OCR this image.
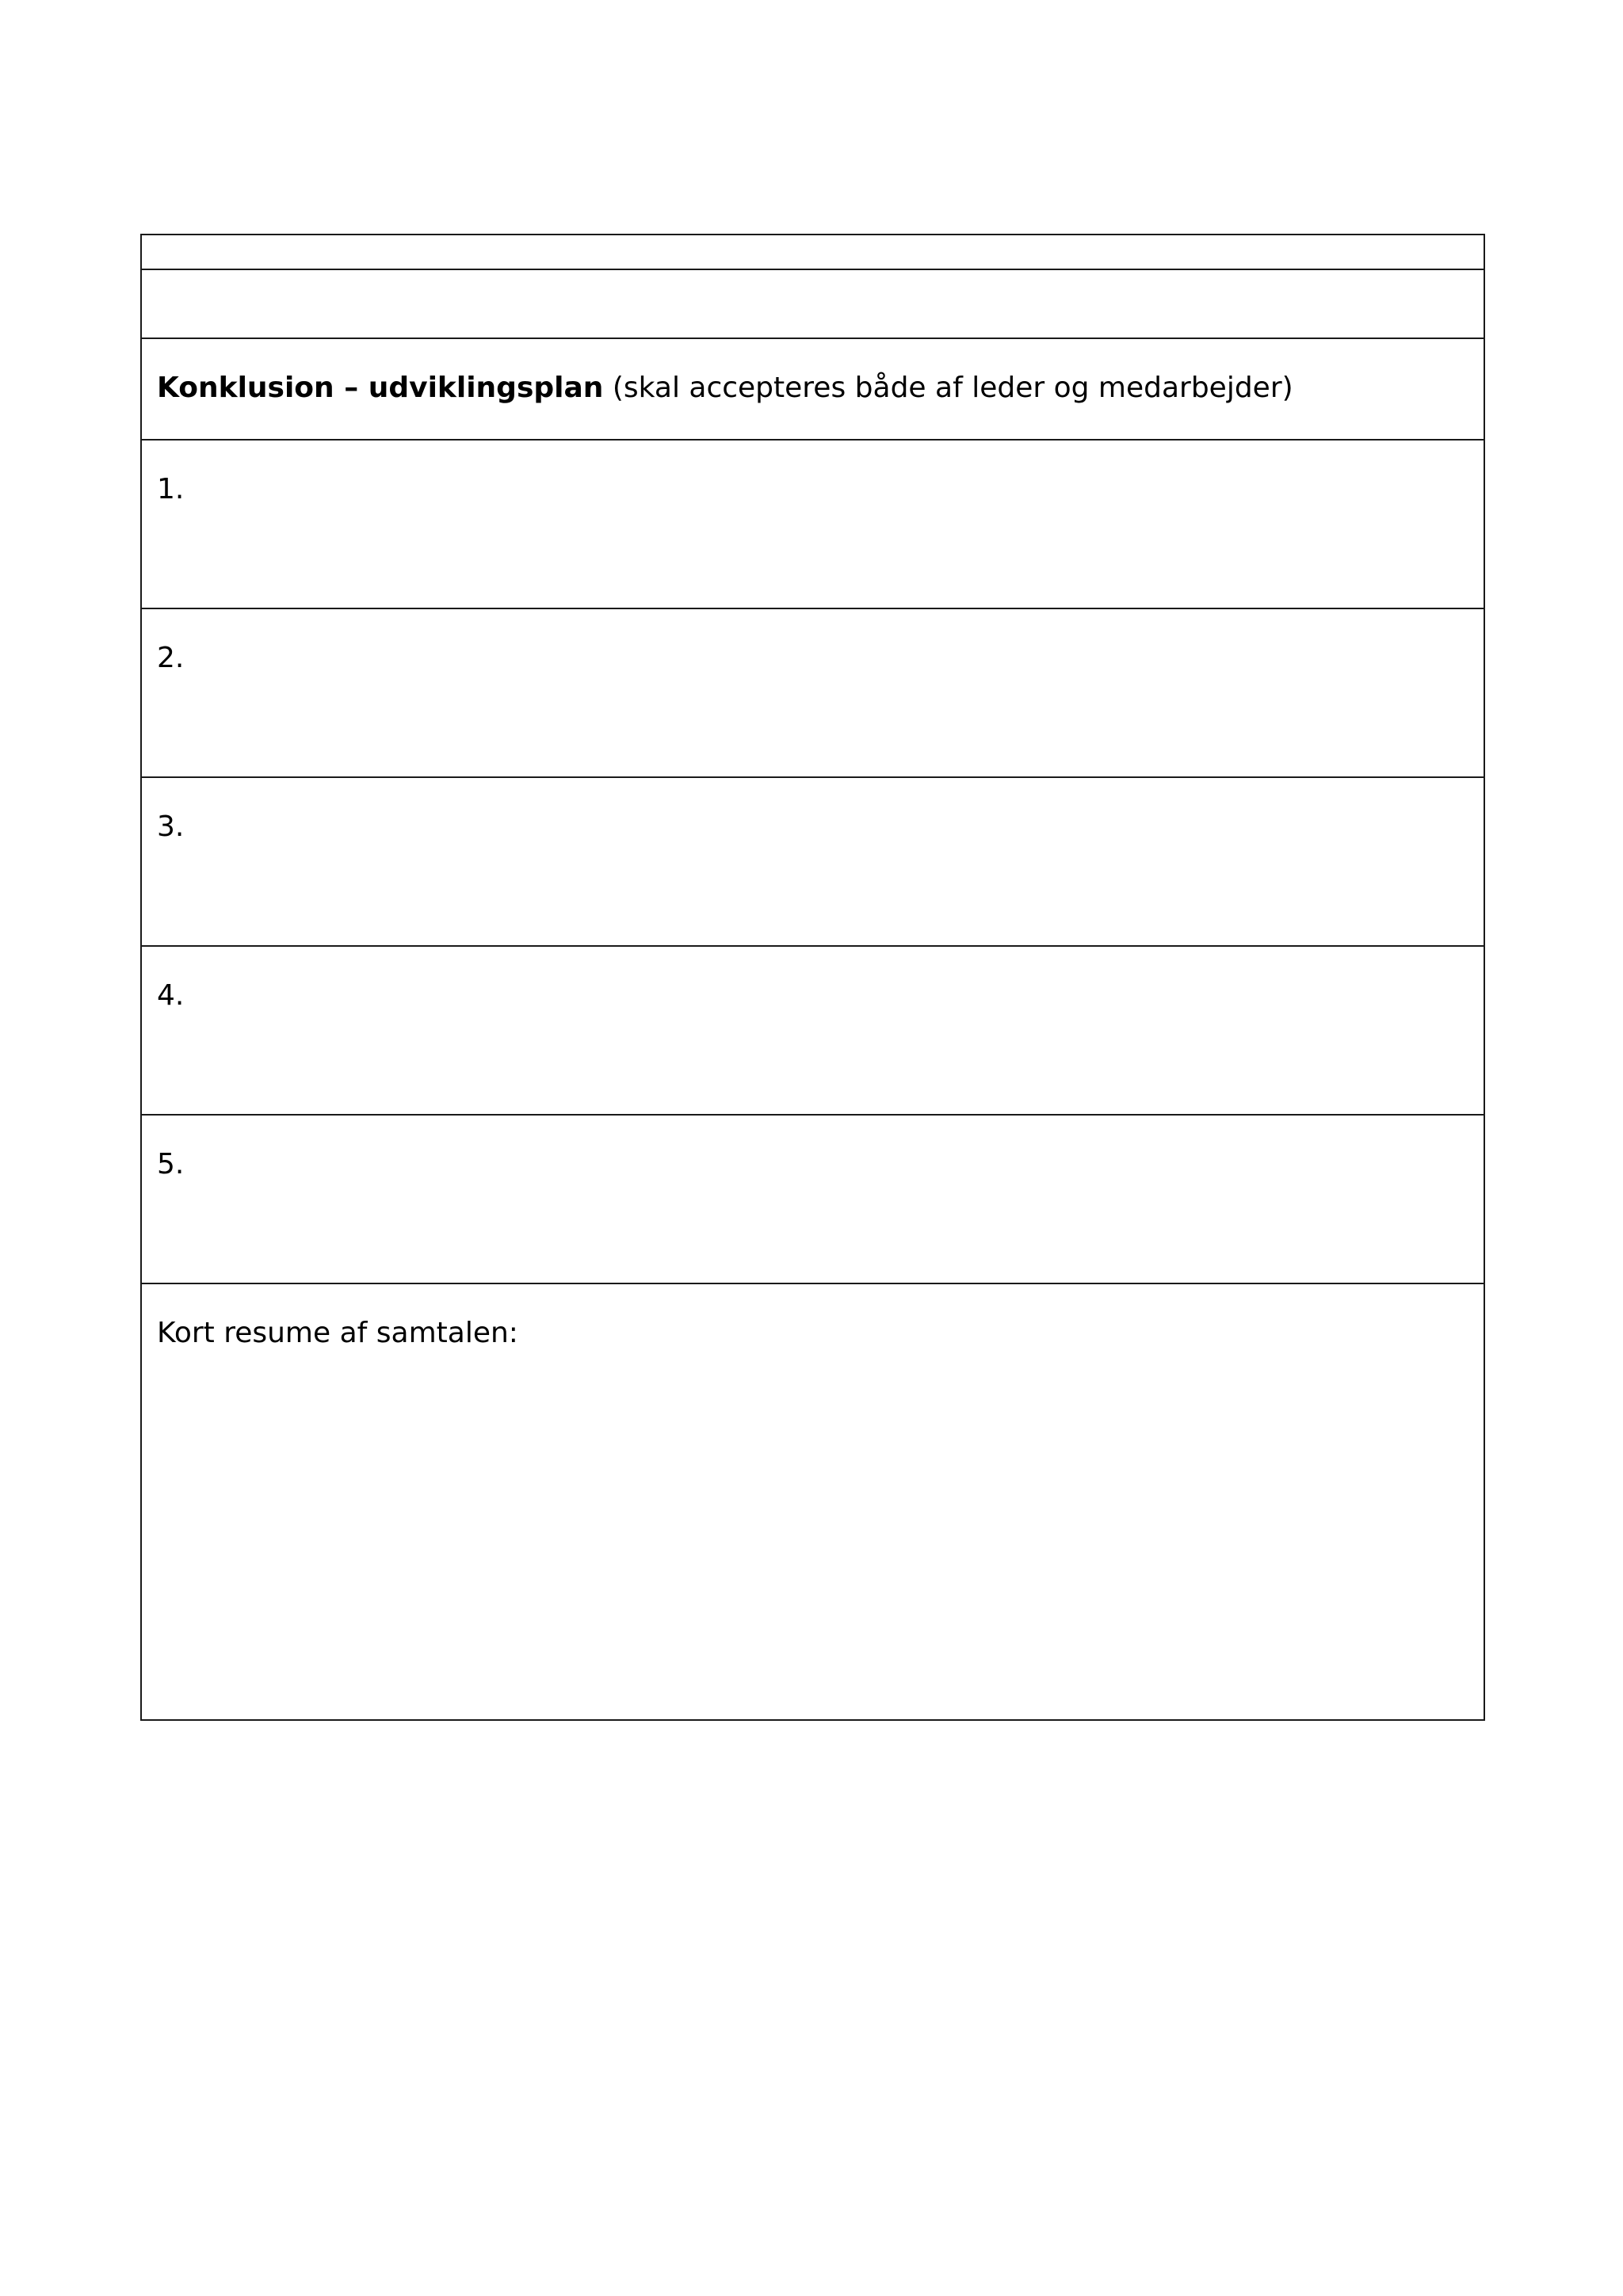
Konklusion – udviklingsplan (skal accepteres både af leder og medarbejder)
1.
2.
3.
4.
5.
Kort resume af samtalen:
